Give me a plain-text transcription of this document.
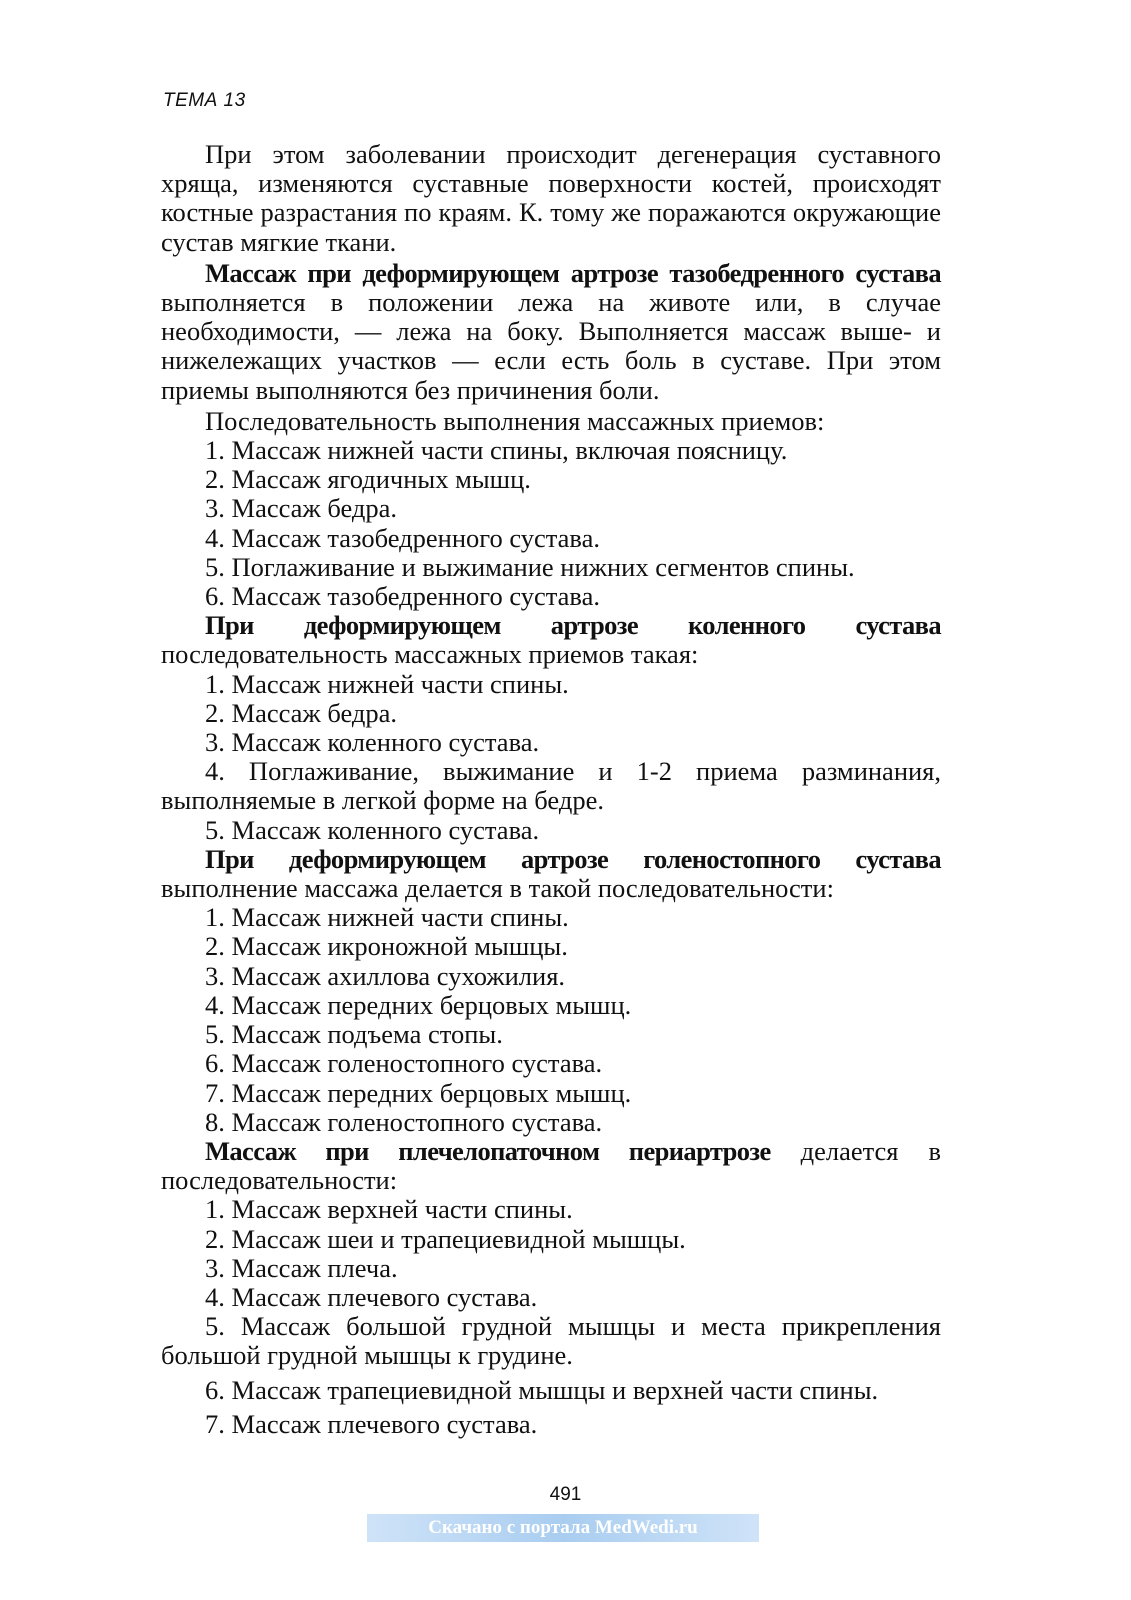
ТЕМА 13

При этом заболевании происходит дегенерация суставного хряща, изменяются суставные поверхности костей, происходят костные разрастания по краям. К. тому же поражаются окружающие сустав мягкие ткани.

Массаж при деформирующем артрозе тазобедренного сустава выполняется в положении лежа на животе или, в случае необходимости, — лежа на боку. Выполняется массаж выше- и нижележащих участков — если есть боль в суставе. При этом приемы выполняются без причинения боли.

Последовательность выполнения массажных приемов:

1. Массаж нижней части спины, включая поясницу.

2. Массаж ягодичных мышц.

3. Массаж бедра.

4. Массаж тазобедренного сустава.

5. Поглаживание и выжимание нижних сегментов спины.

6. Массаж тазобедренного сустава.

При деформирующем артрозе коленного сустава последовательность массажных приемов такая:

1. Массаж нижней части спины.

2. Массаж бедра.

3. Массаж коленного сустава.

4. Поглаживание, выжимание и 1-2 приема разминания, выполняемые в легкой форме на бедре.

5. Массаж коленного сустава.

При деформирующем артрозе голеностопного сустава выполнение массажа делается в такой последовательности:

1. Массаж нижней части спины.

2. Массаж икроножной мышцы.

3. Массаж ахиллова сухожилия.

4. Массаж передних берцовых мышц.

5. Массаж подъема стопы.

6. Массаж голеностопного сустава.

7. Массаж передних берцовых мышц.

8. Массаж голеностопного сустава.

Массаж при плечелопаточном периартрозе делается в последовательности:

1. Массаж верхней части спины.

2. Массаж шеи и трапециевидной мышцы.

3. Массаж плеча.

4. Массаж плечевого сустава.

5. Массаж большой грудной мышцы и места прикрепления большой грудной мышцы к грудине.

6. Массаж трапециевидной мышцы и верхней части спины.

7. Массаж плечевого сустава.

491
Скачано с портала MedWedi.ru
